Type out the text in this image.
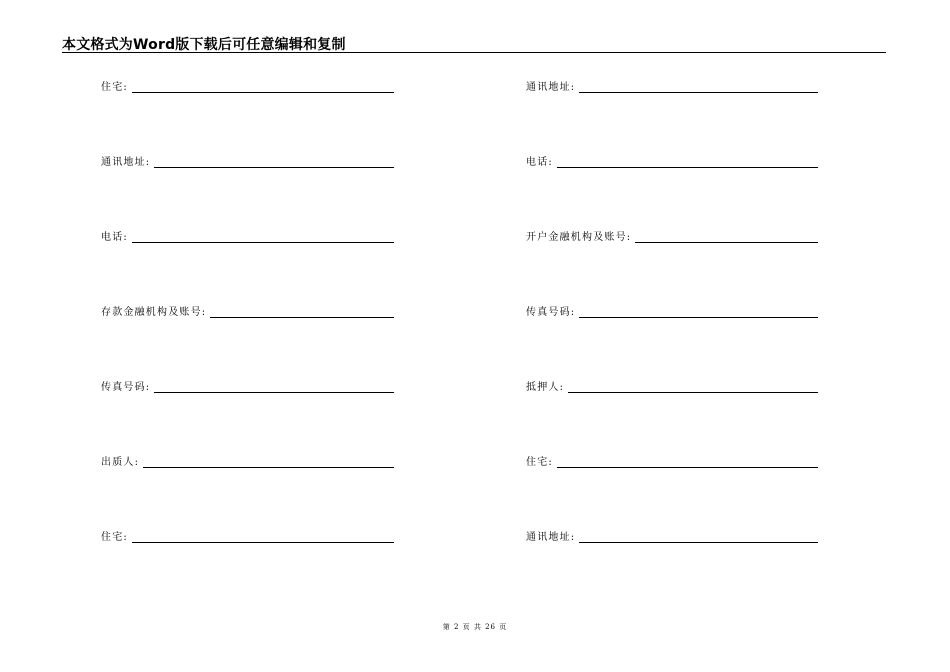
本文格式为Word版下载后可任意编辑和复制
住宅:
通讯地址:
电话:
存款金融机构及账号:
传真号码:
出质人:
住宅:
通讯地址:
电话:
开户金融机构及账号:
传真号码:
抵押人:
住宅:
通讯地址:
第 2 页 共 26 页
